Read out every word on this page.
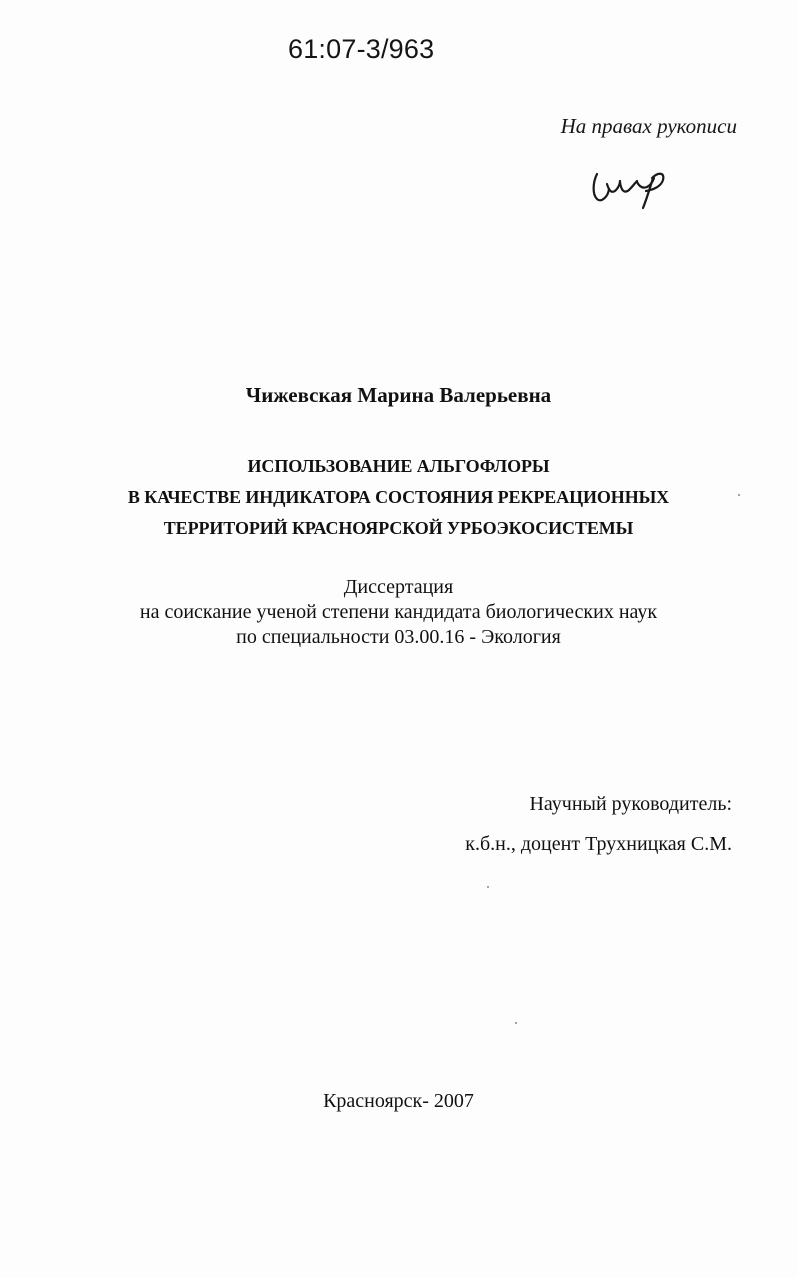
61:07-3/963
На правах рукописи
Чижевская Марина Валерьевна
ИСПОЛЬЗОВАНИЕ АЛЬГОФЛОРЫ
В КАЧЕСТВЕ ИНДИКАТОРА СОСТОЯНИЯ РЕКРЕАЦИОННЫХ
ТЕРРИТОРИЙ КРАСНОЯРСКОЙ УРБОЭКОСИСТЕМЫ
Диссертация
на соискание ученой степени кандидата биологических наук
по специальности 03.00.16 - Экология
Научный руководитель:
к.б.н., доцент Трухницкая С.М.
Красноярск- 2007
